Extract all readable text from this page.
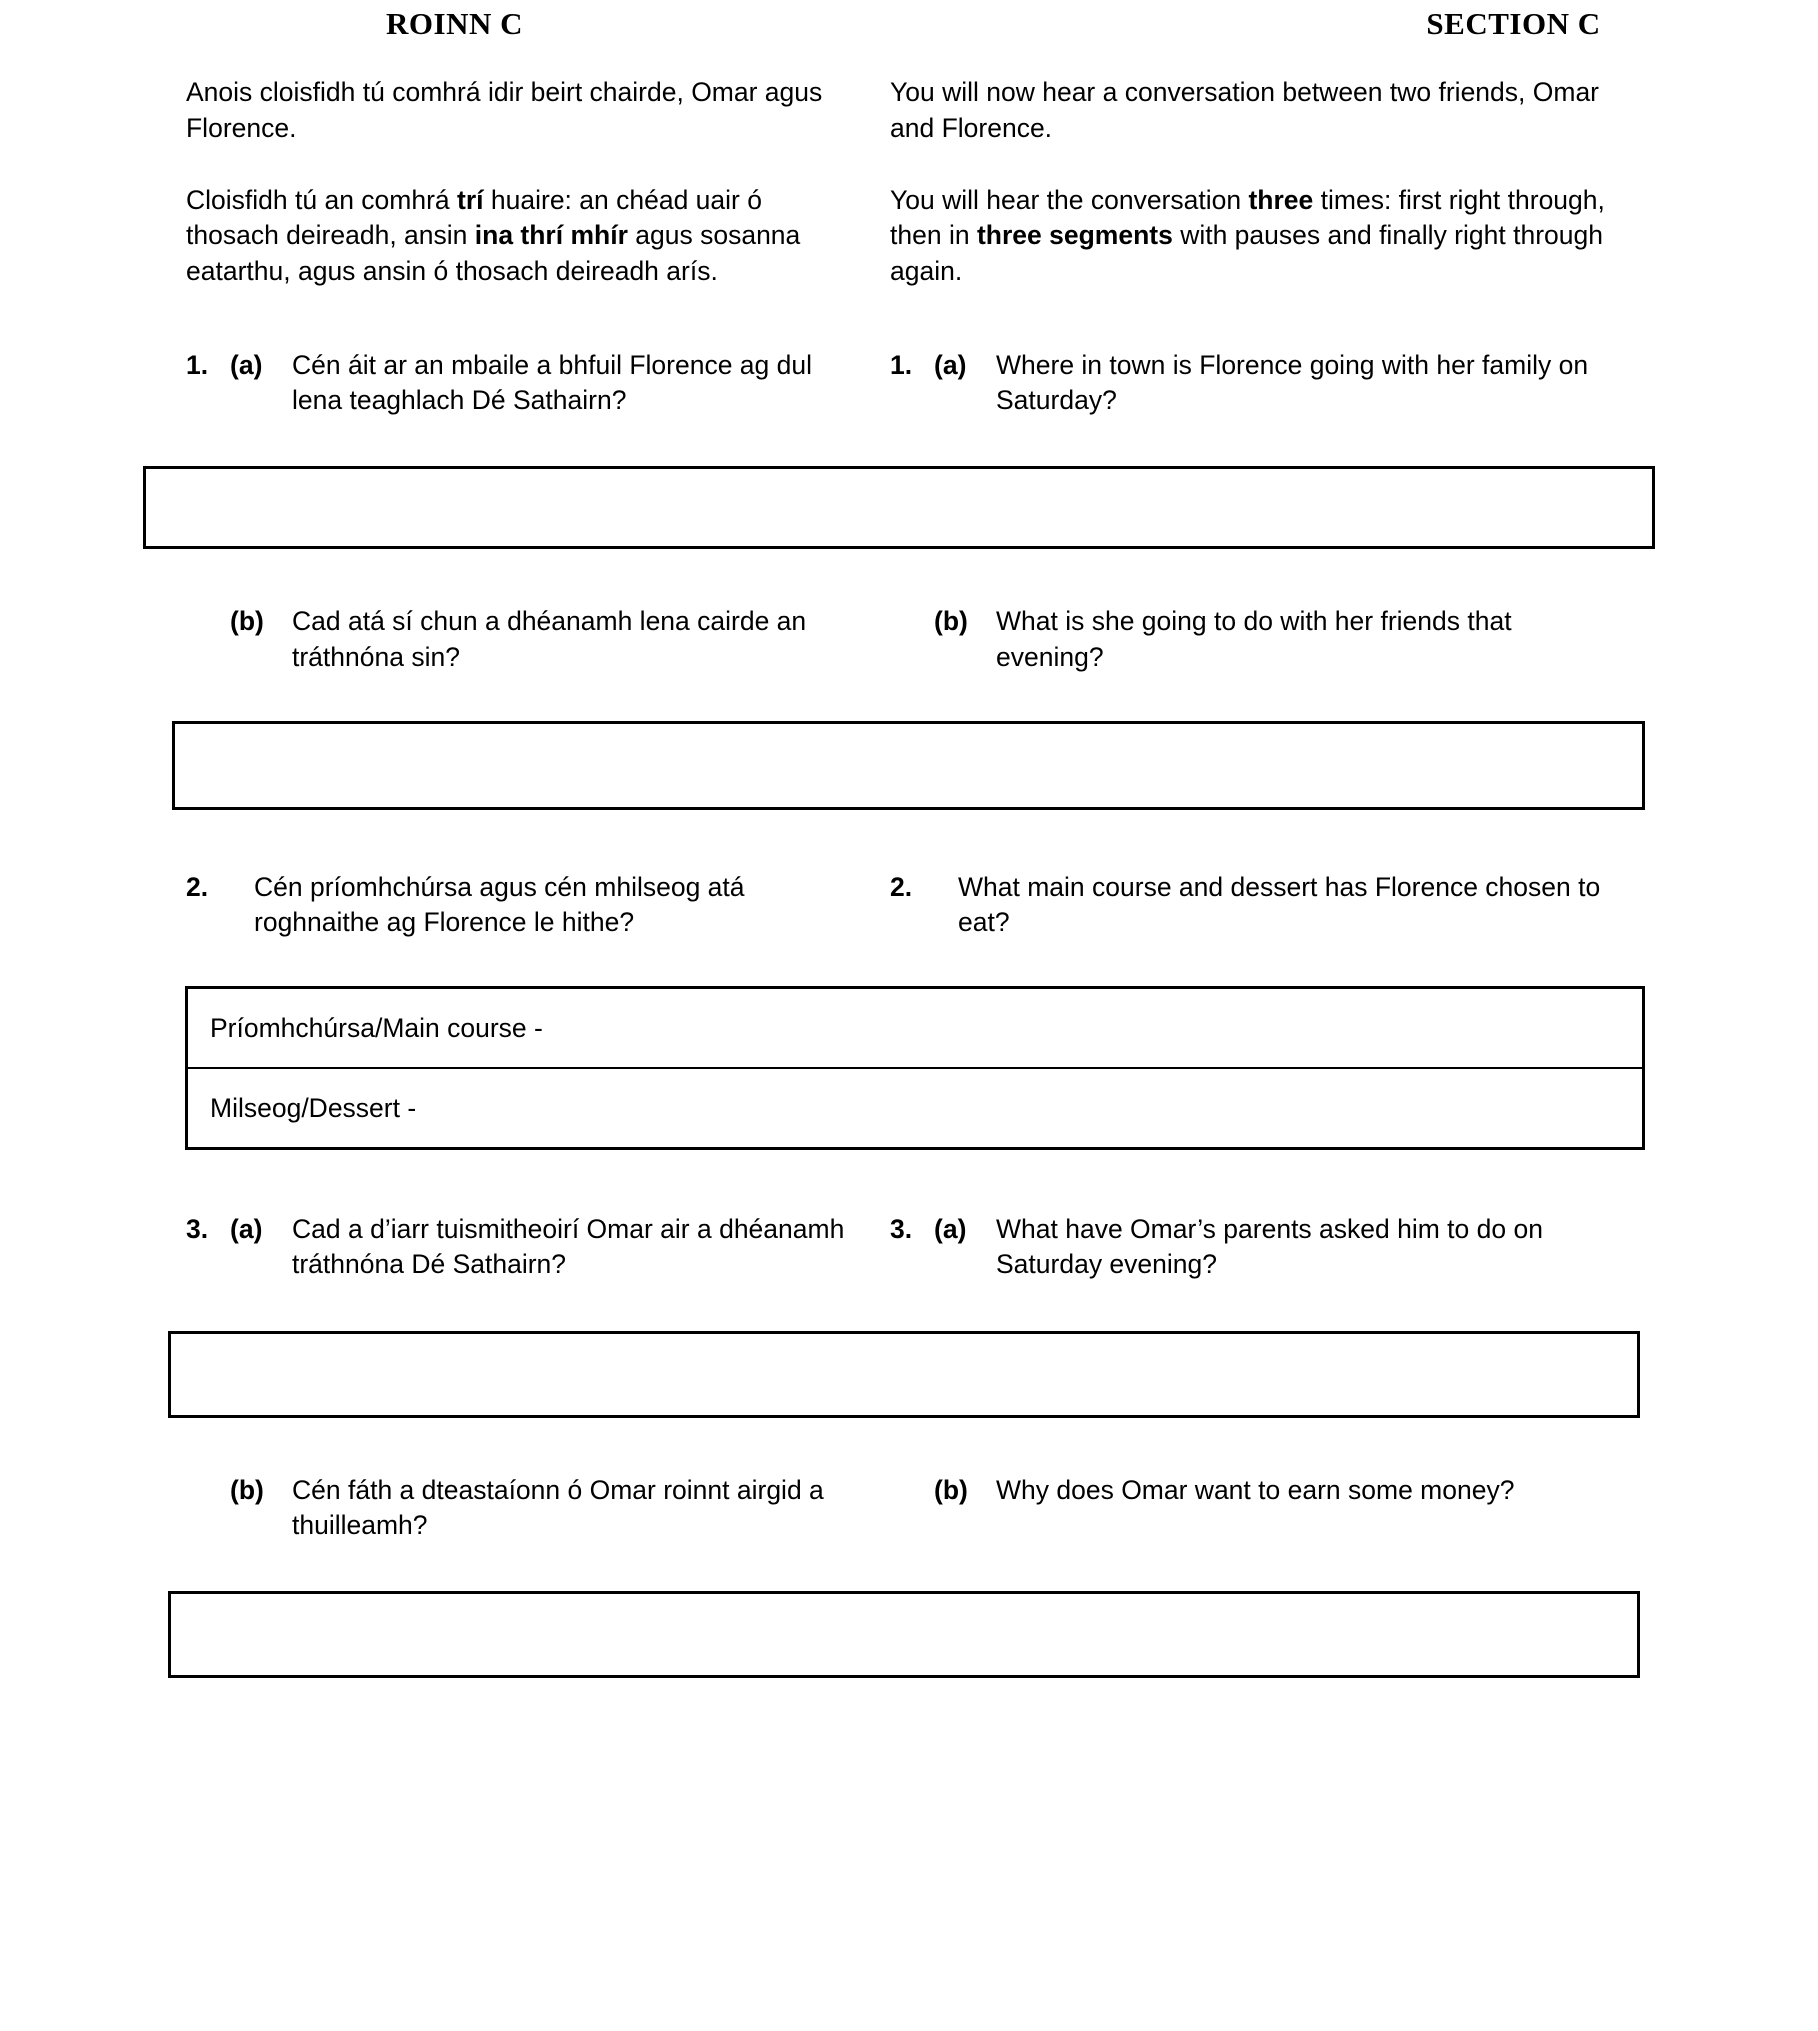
ROINN C	SECTION C
Anois cloisfidh tú comhrá idir beirt chairde, Omar agus Florence.
You will now hear a conversation between two friends, Omar and Florence.
Cloisfidh tú an comhrá trí huaire: an chéad uair ó thosach deireadh, ansin ina thrí mhír agus sosanna eatarthu, agus ansin ó thosach deireadh arís.
You will hear the conversation three times: first right through, then in three segments with pauses and finally right through again.
1. (a)	Cén áit ar an mbaile a bhfuil Florence ag dul lena teaghlach Dé Sathairn?
1. (a)	Where in town is Florence going with her family on Saturday?
(b)	Cad atá sí chun a dhéanamh lena cairde an tráthnóna sin?
(b)	What is she going to do with her friends that evening?
2.	Cén príomhchúrsa agus cén mhilseog atá roghnaithe ag Florence le hithe?
2.	What main course and dessert has Florence chosen to eat?
Príomhchúrsa/Main course -
Milseog/Dessert -
3. (a)	Cad a d’iarr tuismitheoirí Omar air a dhéanamh tráthnóna Dé Sathairn?
3. (a)	What have Omar’s parents asked him to do on Saturday evening?
(b)	Cén fáth a dteastaíonn ó Omar roinnt airgid a thuilleamh?
(b)	Why does Omar want to earn some money?
